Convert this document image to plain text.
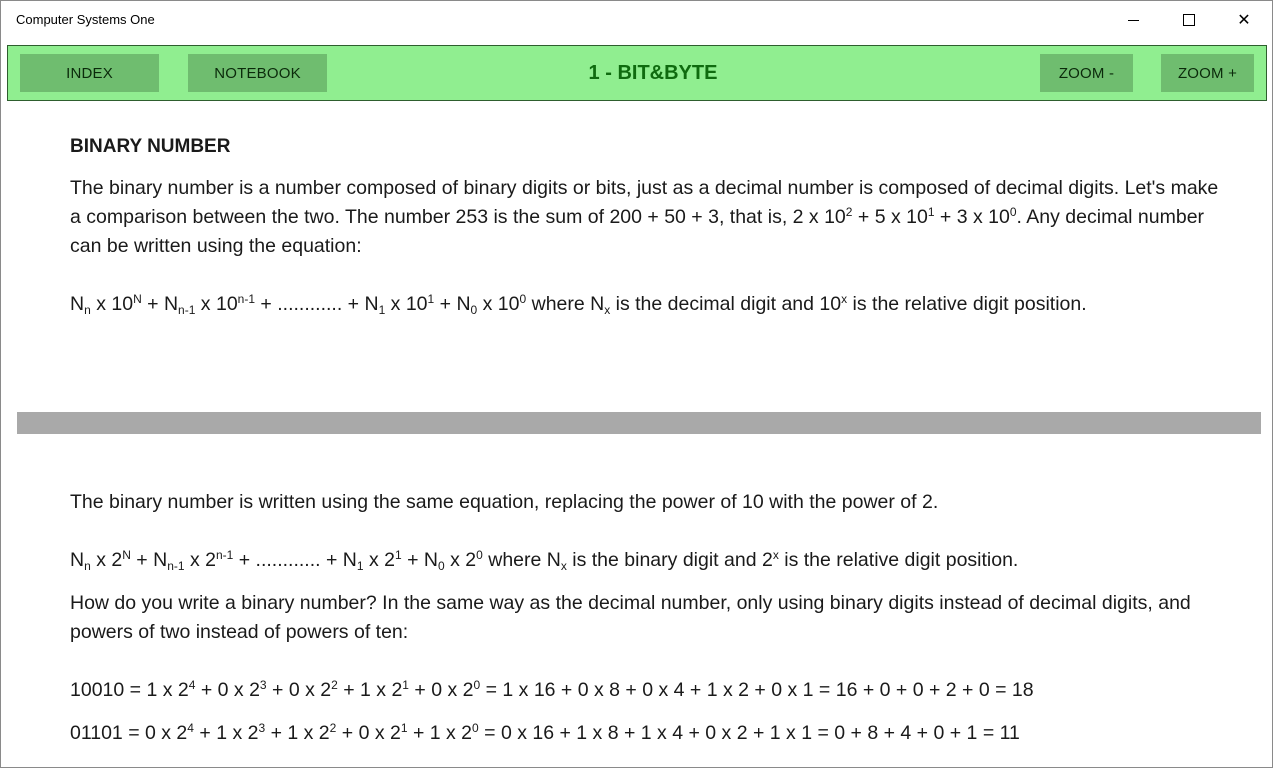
Computer Systems One	✕
INDEX	NOTEBOOK	1 - BIT&BYTE	ZOOM -	ZOOM +
BINARY NUMBER
The binary number is a number composed of binary digits or bits, just as a decimal number is composed of decimal digits. Let's make a comparison between the two. The number 253 is the sum of 200 + 50 + 3, that is, 2 x $10^2 + 5$ x $10^1 + 3$ x $10^0$. Any decimal number can be written using the equation:
$N_n$ x $10^N + N_{n-1}$ x $10^{n-1}$ + ............ + $N_1$ x $10^1 + N_0$ x $10^0$ where $N_x$ is the decimal digit and 10$^x$ is the relative digit position.
The binary number is written using the same equation, replacing the power of 10 with the power of 2.
$N_n$ x $2^N + N_{n-1}$ x $2^{n-1}$ + ............ + $N_1$ x $2^1 + N_0$ x $2^0$ where $N_x$ is the binary digit and 2$^x$ is the relative digit position.
How do you write a binary number? In the same way as the decimal number, only using binary digits instead of decimal digits, and powers of two instead of powers of ten:
10010 = 1 x $2^4 + 0$ x $2^3 + 0$ x $2^2 + 1$ x $2^1 + 0$ x $2^0 = 1$ x 16 + 0 x 8 + 0 x 4 + 1 x 2 + 0 x 1 = 16 + 0 + 0 + 2 + 0 = 18
01101 = 0 x $2^4 + 1$ x $2^3 + 1$ x $2^2 + 0$ x $2^1 + 1$ x $2^0 = 0$ x 16 + 1 x 8 + 1 x 4 + 0 x 2 + 1 x 1 = 0 + 8 + 4 + 0 + 1 = 11
